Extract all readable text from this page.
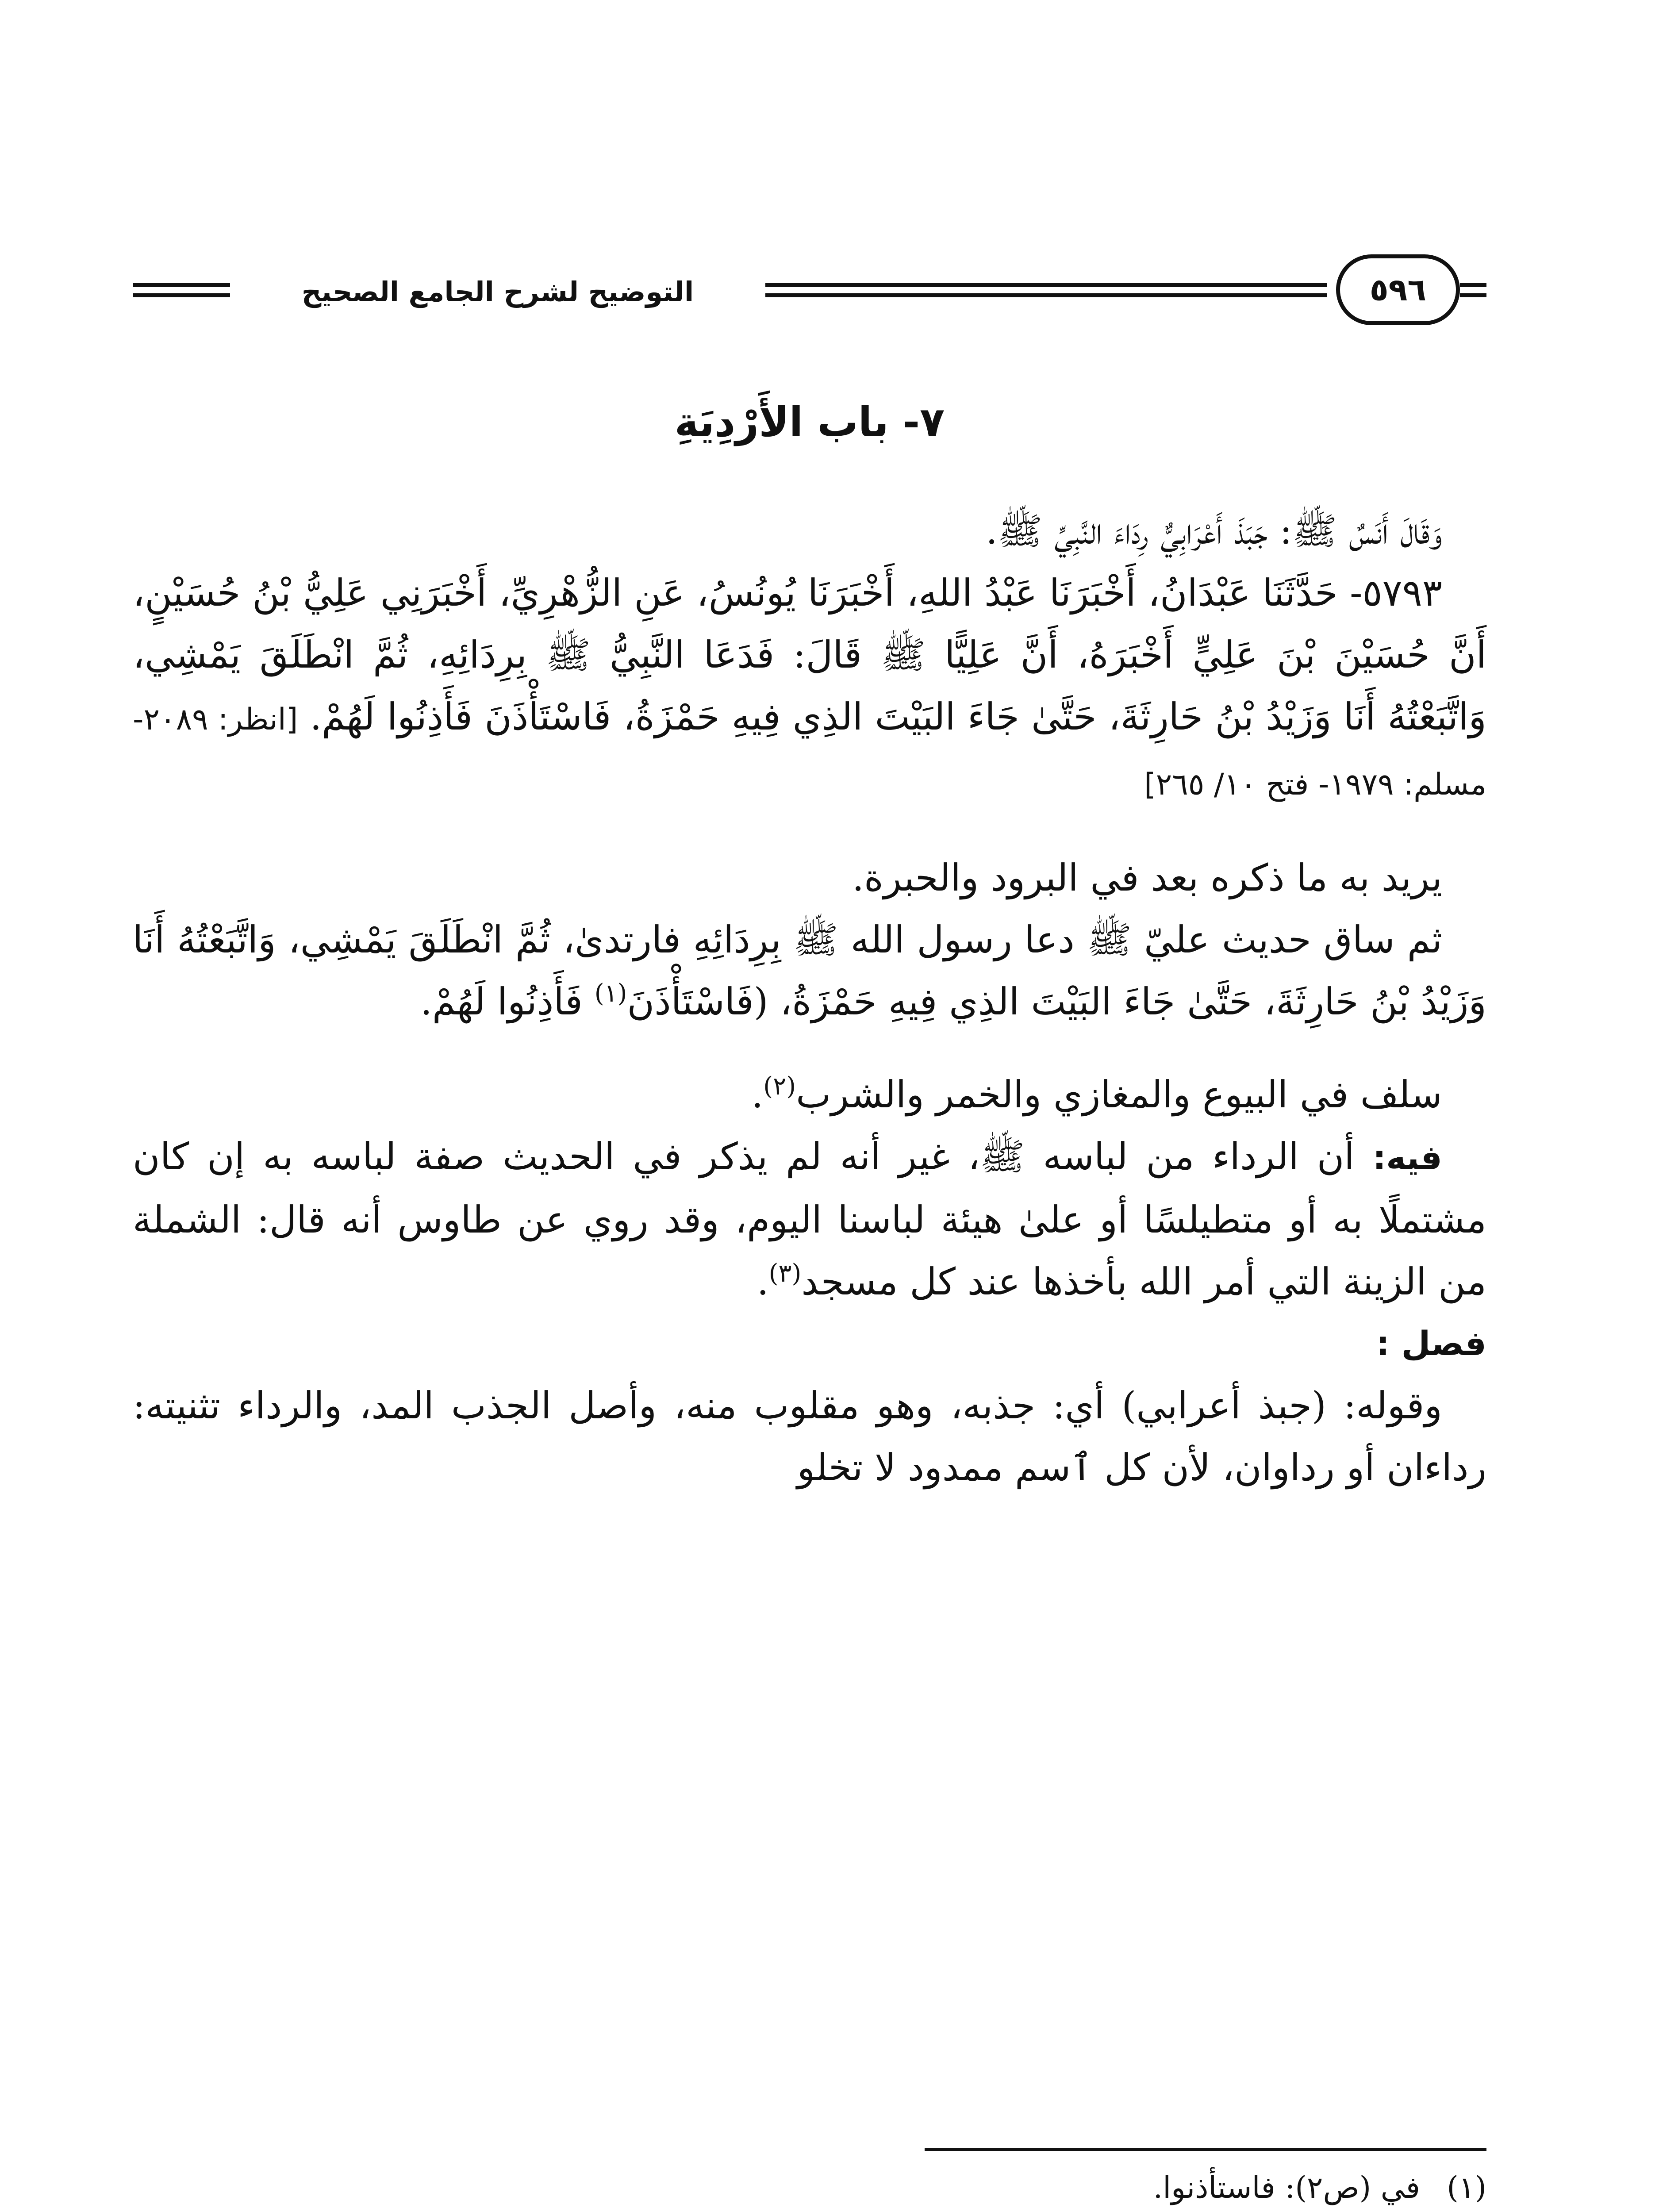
التوضيح لشرح الجامع الصحيح	٥٩٦
٧- باب الأَرْدِيَةِ

وَقَالَ أَنَسٌ ﷺ: جَبَذَ أَعْرَابِيٌّ رِدَاءَ النَّبِيِّ ﷺ.

٥٧٩٣- حَدَّثَنَا عَبْدَانُ، أَخْبَرَنَا عَبْدُ اللهِ، أَخْبَرَنَا يُونُسُ، عَنِ الزُّهْرِيِّ، أَخْبَرَنِي عَلِيُّ بْنُ حُسَيْنٍ، أَنَّ حُسَيْنَ بْنَ عَلِيٍّ أَخْبَرَهُ، أَنَّ عَلِيًّا ﷺ قَالَ: فَدَعَا النَّبِيُّ ﷺ بِرِدَائِهِ، ثُمَّ انْطَلَقَ يَمْشِي، وَاتَّبَعْتُهُ أَنَا وَزَيْدُ بْنُ حَارِثَةَ، حَتَّىٰ جَاءَ البَيْتَ الذِي فِيهِ حَمْزَةُ، فَاسْتَأْذَنَ فَأَذِنُوا لَهُمْ. [انظر: ٢٠٨٩- مسلم: ١٩٧٩- فتح ١٠/ ٢٦٥]

يريد به ما ذكره بعد في البرود والحبرة.

ثم ساق حديث عليّ ﷺ دعا رسول الله ﷺ بِرِدَائِهِ فارتدىٰ، ثُمَّ انْطَلَقَ يَمْشِي، وَاتَّبَعْتُهُ أَنَا وَزَيْدُ بْنُ حَارِثَةَ، حَتَّىٰ جَاءَ البَيْتَ الذِي فِيهِ حَمْزَةُ، (فَاسْتَأْذَنَ$^{(١)}$ فَأَذِنُوا لَهُمْ.

سلف في البيوع والمغازي والخمر والشرب$^{(٢)}$.

فيه: أن الرداء من لباسه ﷺ، غير أنه لم يذكر في الحديث صفة لباسه به إن كان مشتملًا به أو متطيلسًا أو علىٰ هيئة لباسنا اليوم، وقد روي عن طاوس أنه قال: الشملة من الزينة التي أمر الله بأخذها عند كل مسجد$^{(٣)}$.

فصل :

وقوله: (جبذ أعرابي) أي: جذبه، وهو مقلوب منه، وأصل الجذب المد، والرداء تثنيته: رداءان أو رداوان، لأن كل ٱسم ممدود لا تخلو

(١)
في (ص٢): فاستأذنوا.
